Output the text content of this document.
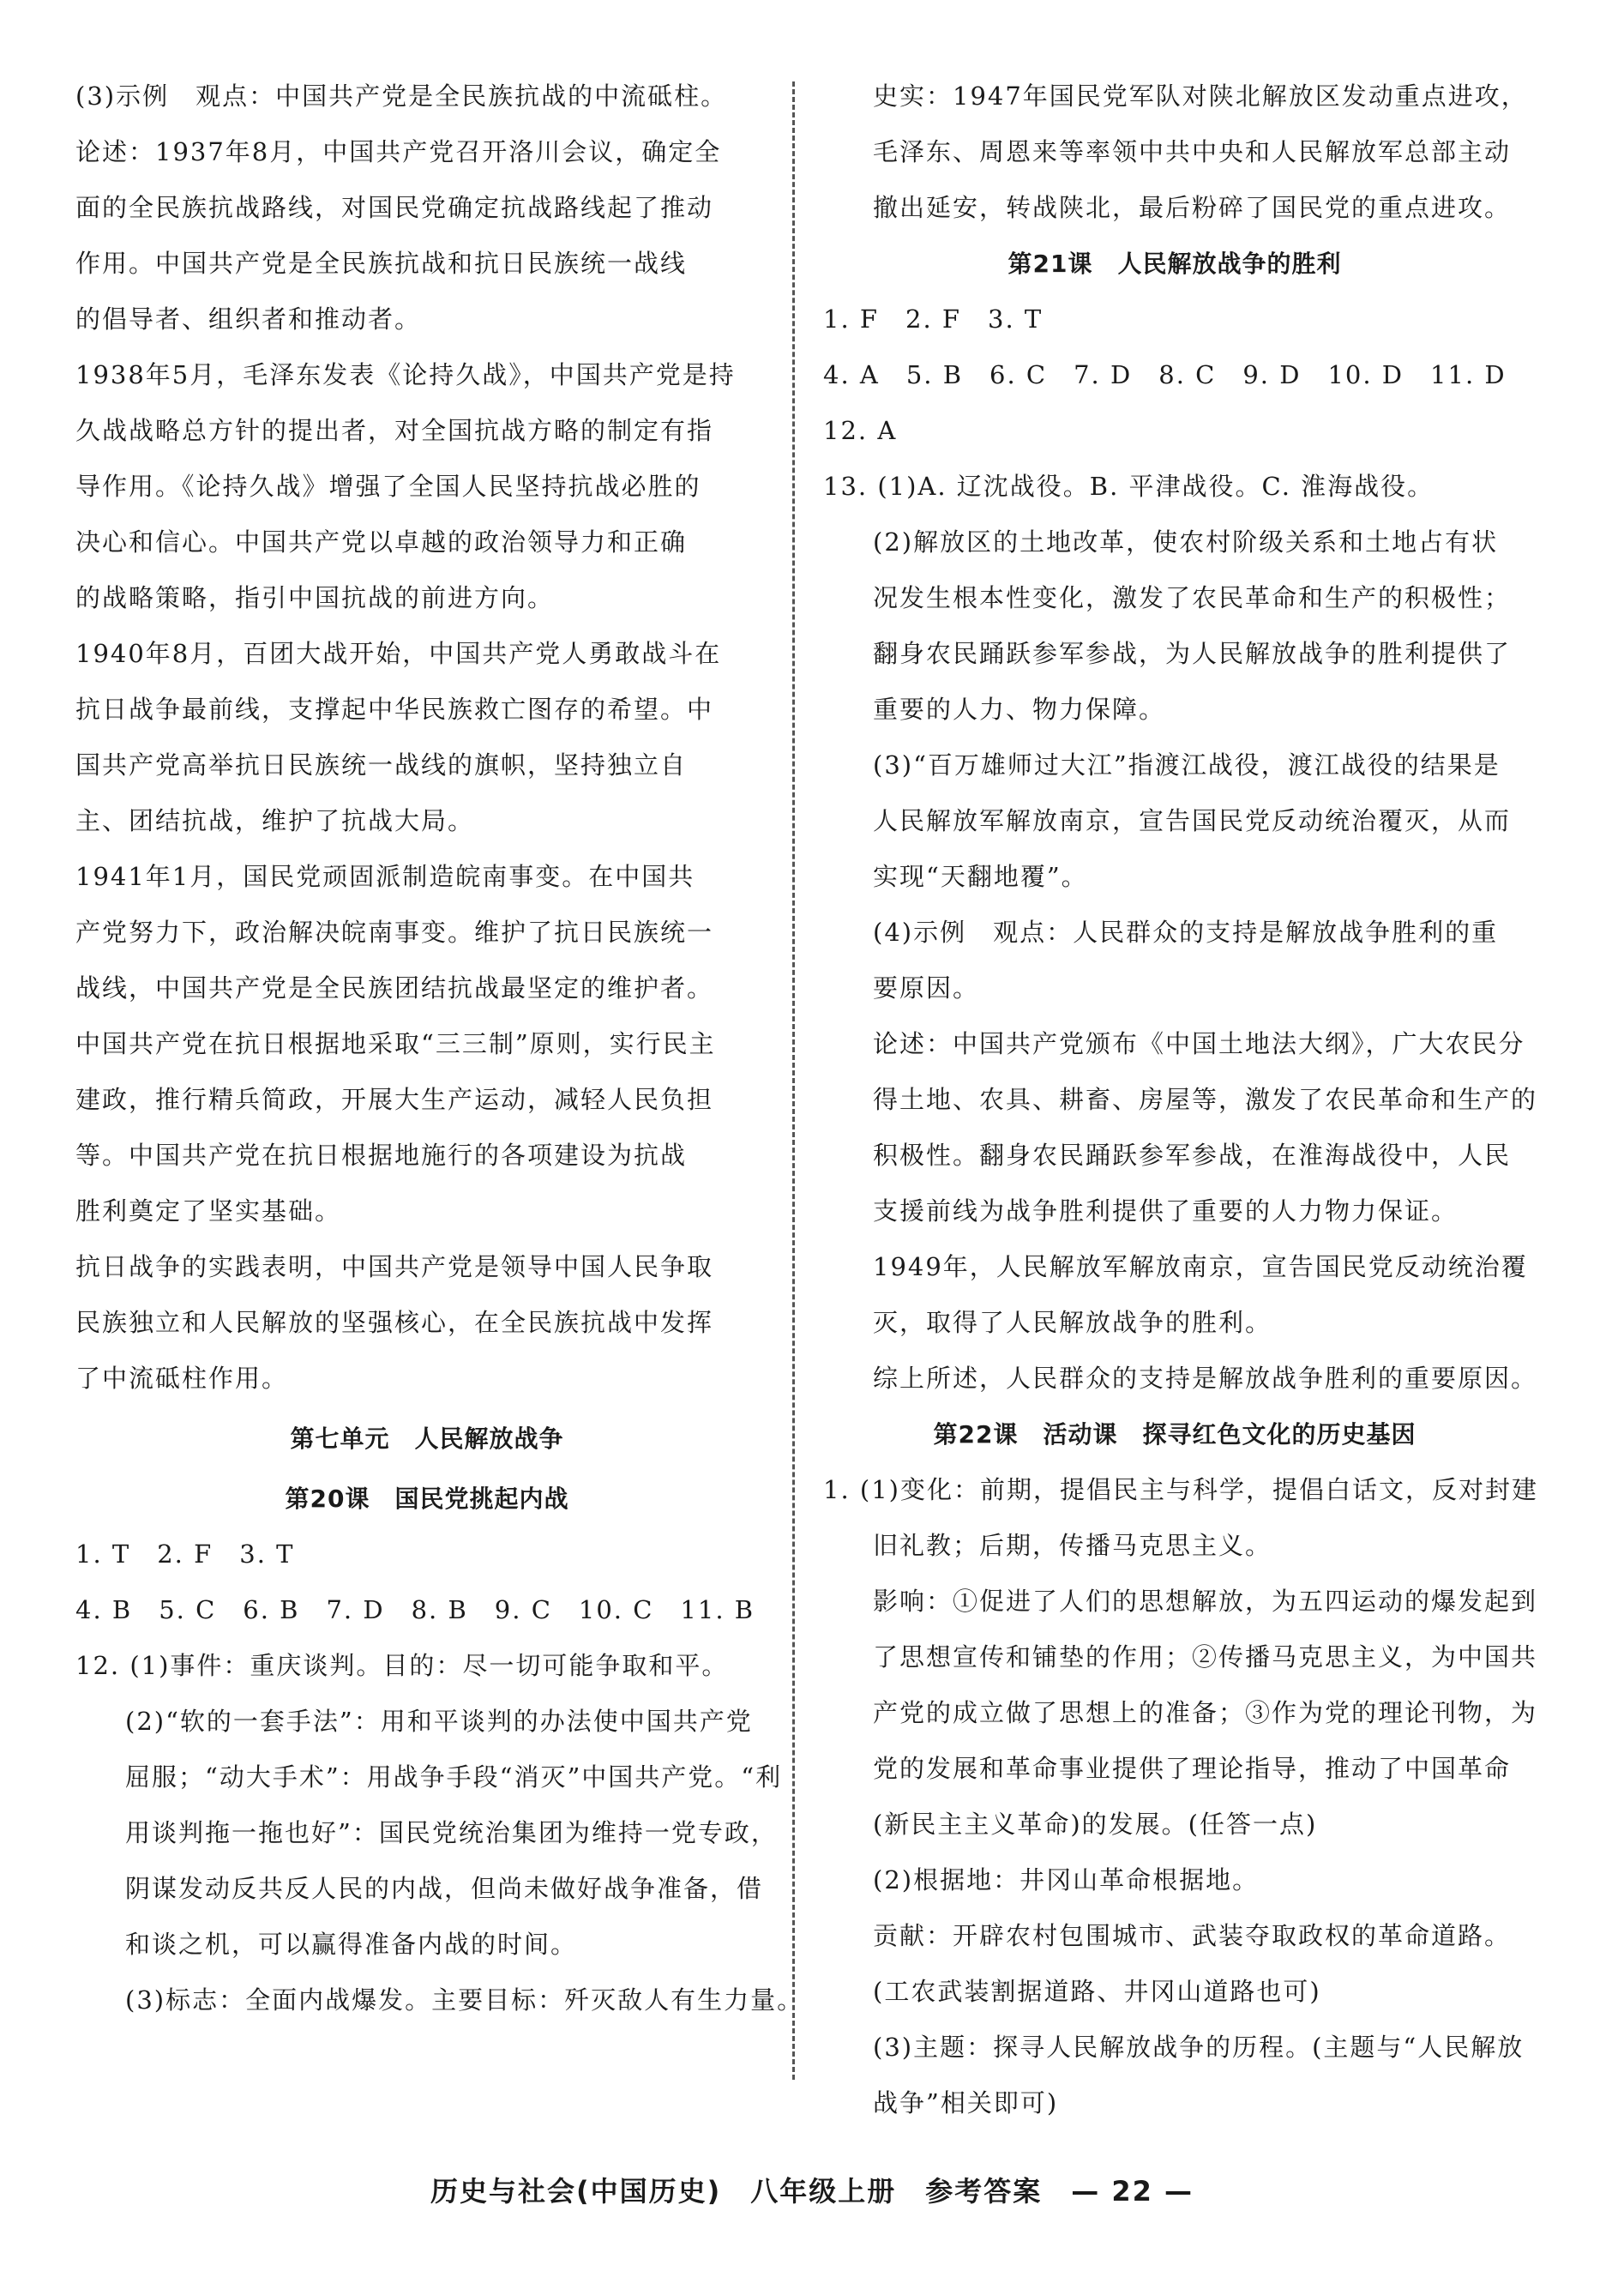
(3)示例　观点：中国共产党是全民族抗战的中流砥柱。
论述：1937年8月，中国共产党召开洛川会议，确定全
面的全民族抗战路线，对国民党确定抗战路线起了推动
作用。中国共产党是全民族抗战和抗日民族统一战线
的倡导者、组织者和推动者。
1938年5月，毛泽东发表《论持久战》，中国共产党是持
久战战略总方针的提出者，对全国抗战方略的制定有指
导作用。《论持久战》增强了全国人民坚持抗战必胜的
决心和信心。中国共产党以卓越的政治领导力和正确
的战略策略，指引中国抗战的前进方向。
1940年8月，百团大战开始，中国共产党人勇敢战斗在
抗日战争最前线，支撑起中华民族救亡图存的希望。中
国共产党高举抗日民族统一战线的旗帜，坚持独立自
主、团结抗战，维护了抗战大局。
1941年1月，国民党顽固派制造皖南事变。在中国共
产党努力下，政治解决皖南事变。维护了抗日民族统一
战线，中国共产党是全民族团结抗战最坚定的维护者。
中国共产党在抗日根据地采取“三三制”原则，实行民主
建政，推行精兵简政，开展大生产运动，减轻人民负担
等。中国共产党在抗日根据地施行的各项建设为抗战
胜利奠定了坚实基础。
抗日战争的实践表明，中国共产党是领导中国人民争取
民族独立和人民解放的坚强核心，在全民族抗战中发挥
了中流砥柱作用。
第七单元　人民解放战争
第20课　国民党挑起内战
1. T　2. F　3. T
4. B　5. C　6. B　7. D　8. B　9. C　10. C　11. B
12. (1)事件：重庆谈判。目的：尽一切可能争取和平。
(2)“软的一套手法”：用和平谈判的办法使中国共产党
屈服；“动大手术”：用战争手段“消灭”中国共产党。“利
用谈判拖一拖也好”：国民党统治集团为维持一党专政，
阴谋发动反共反人民的内战，但尚未做好战争准备，借
和谈之机，可以赢得准备内战的时间。
(3)标志：全面内战爆发。主要目标：歼灭敌人有生力量。
史实：1947年国民党军队对陕北解放区发动重点进攻，
毛泽东、周恩来等率领中共中央和人民解放军总部主动
撤出延安，转战陕北，最后粉碎了国民党的重点进攻。
第21课　人民解放战争的胜利
1. F　2. F　3. T
4. A　5. B　6. C　7. D　8. C　9. D　10. D　11. D
12. A
13. (1)A. 辽沈战役。B. 平津战役。C. 淮海战役。
(2)解放区的土地改革，使农村阶级关系和土地占有状
况发生根本性变化，激发了农民革命和生产的积极性；
翻身农民踊跃参军参战，为人民解放战争的胜利提供了
重要的人力、物力保障。
(3)“百万雄师过大江”指渡江战役，渡江战役的结果是
人民解放军解放南京，宣告国民党反动统治覆灭，从而
实现“天翻地覆”。
(4)示例　观点：人民群众的支持是解放战争胜利的重
要原因。
论述：中国共产党颁布《中国土地法大纲》，广大农民分
得土地、农具、耕畜、房屋等，激发了农民革命和生产的
积极性。翻身农民踊跃参军参战，在淮海战役中，人民
支援前线为战争胜利提供了重要的人力物力保证。
1949年，人民解放军解放南京，宣告国民党反动统治覆
灭，取得了人民解放战争的胜利。
综上所述，人民群众的支持是解放战争胜利的重要原因。
第22课　活动课　探寻红色文化的历史基因
1. (1)变化：前期，提倡民主与科学，提倡白话文，反对封建
旧礼教；后期，传播马克思主义。
影响：①促进了人们的思想解放，为五四运动的爆发起到
了思想宣传和铺垫的作用；②传播马克思主义，为中国共
产党的成立做了思想上的准备；③作为党的理论刊物，为
党的发展和革命事业提供了理论指导，推动了中国革命
(新民主主义革命)的发展。(任答一点)
(2)根据地：井冈山革命根据地。
贡献：开辟农村包围城市、武装夺取政权的革命道路。
(工农武装割据道路、井冈山道路也可)
(3)主题：探寻人民解放战争的历程。(主题与“人民解放
战争”相关即可)
历史与社会(中国历史)　八年级上册　参考答案　— 22 —
